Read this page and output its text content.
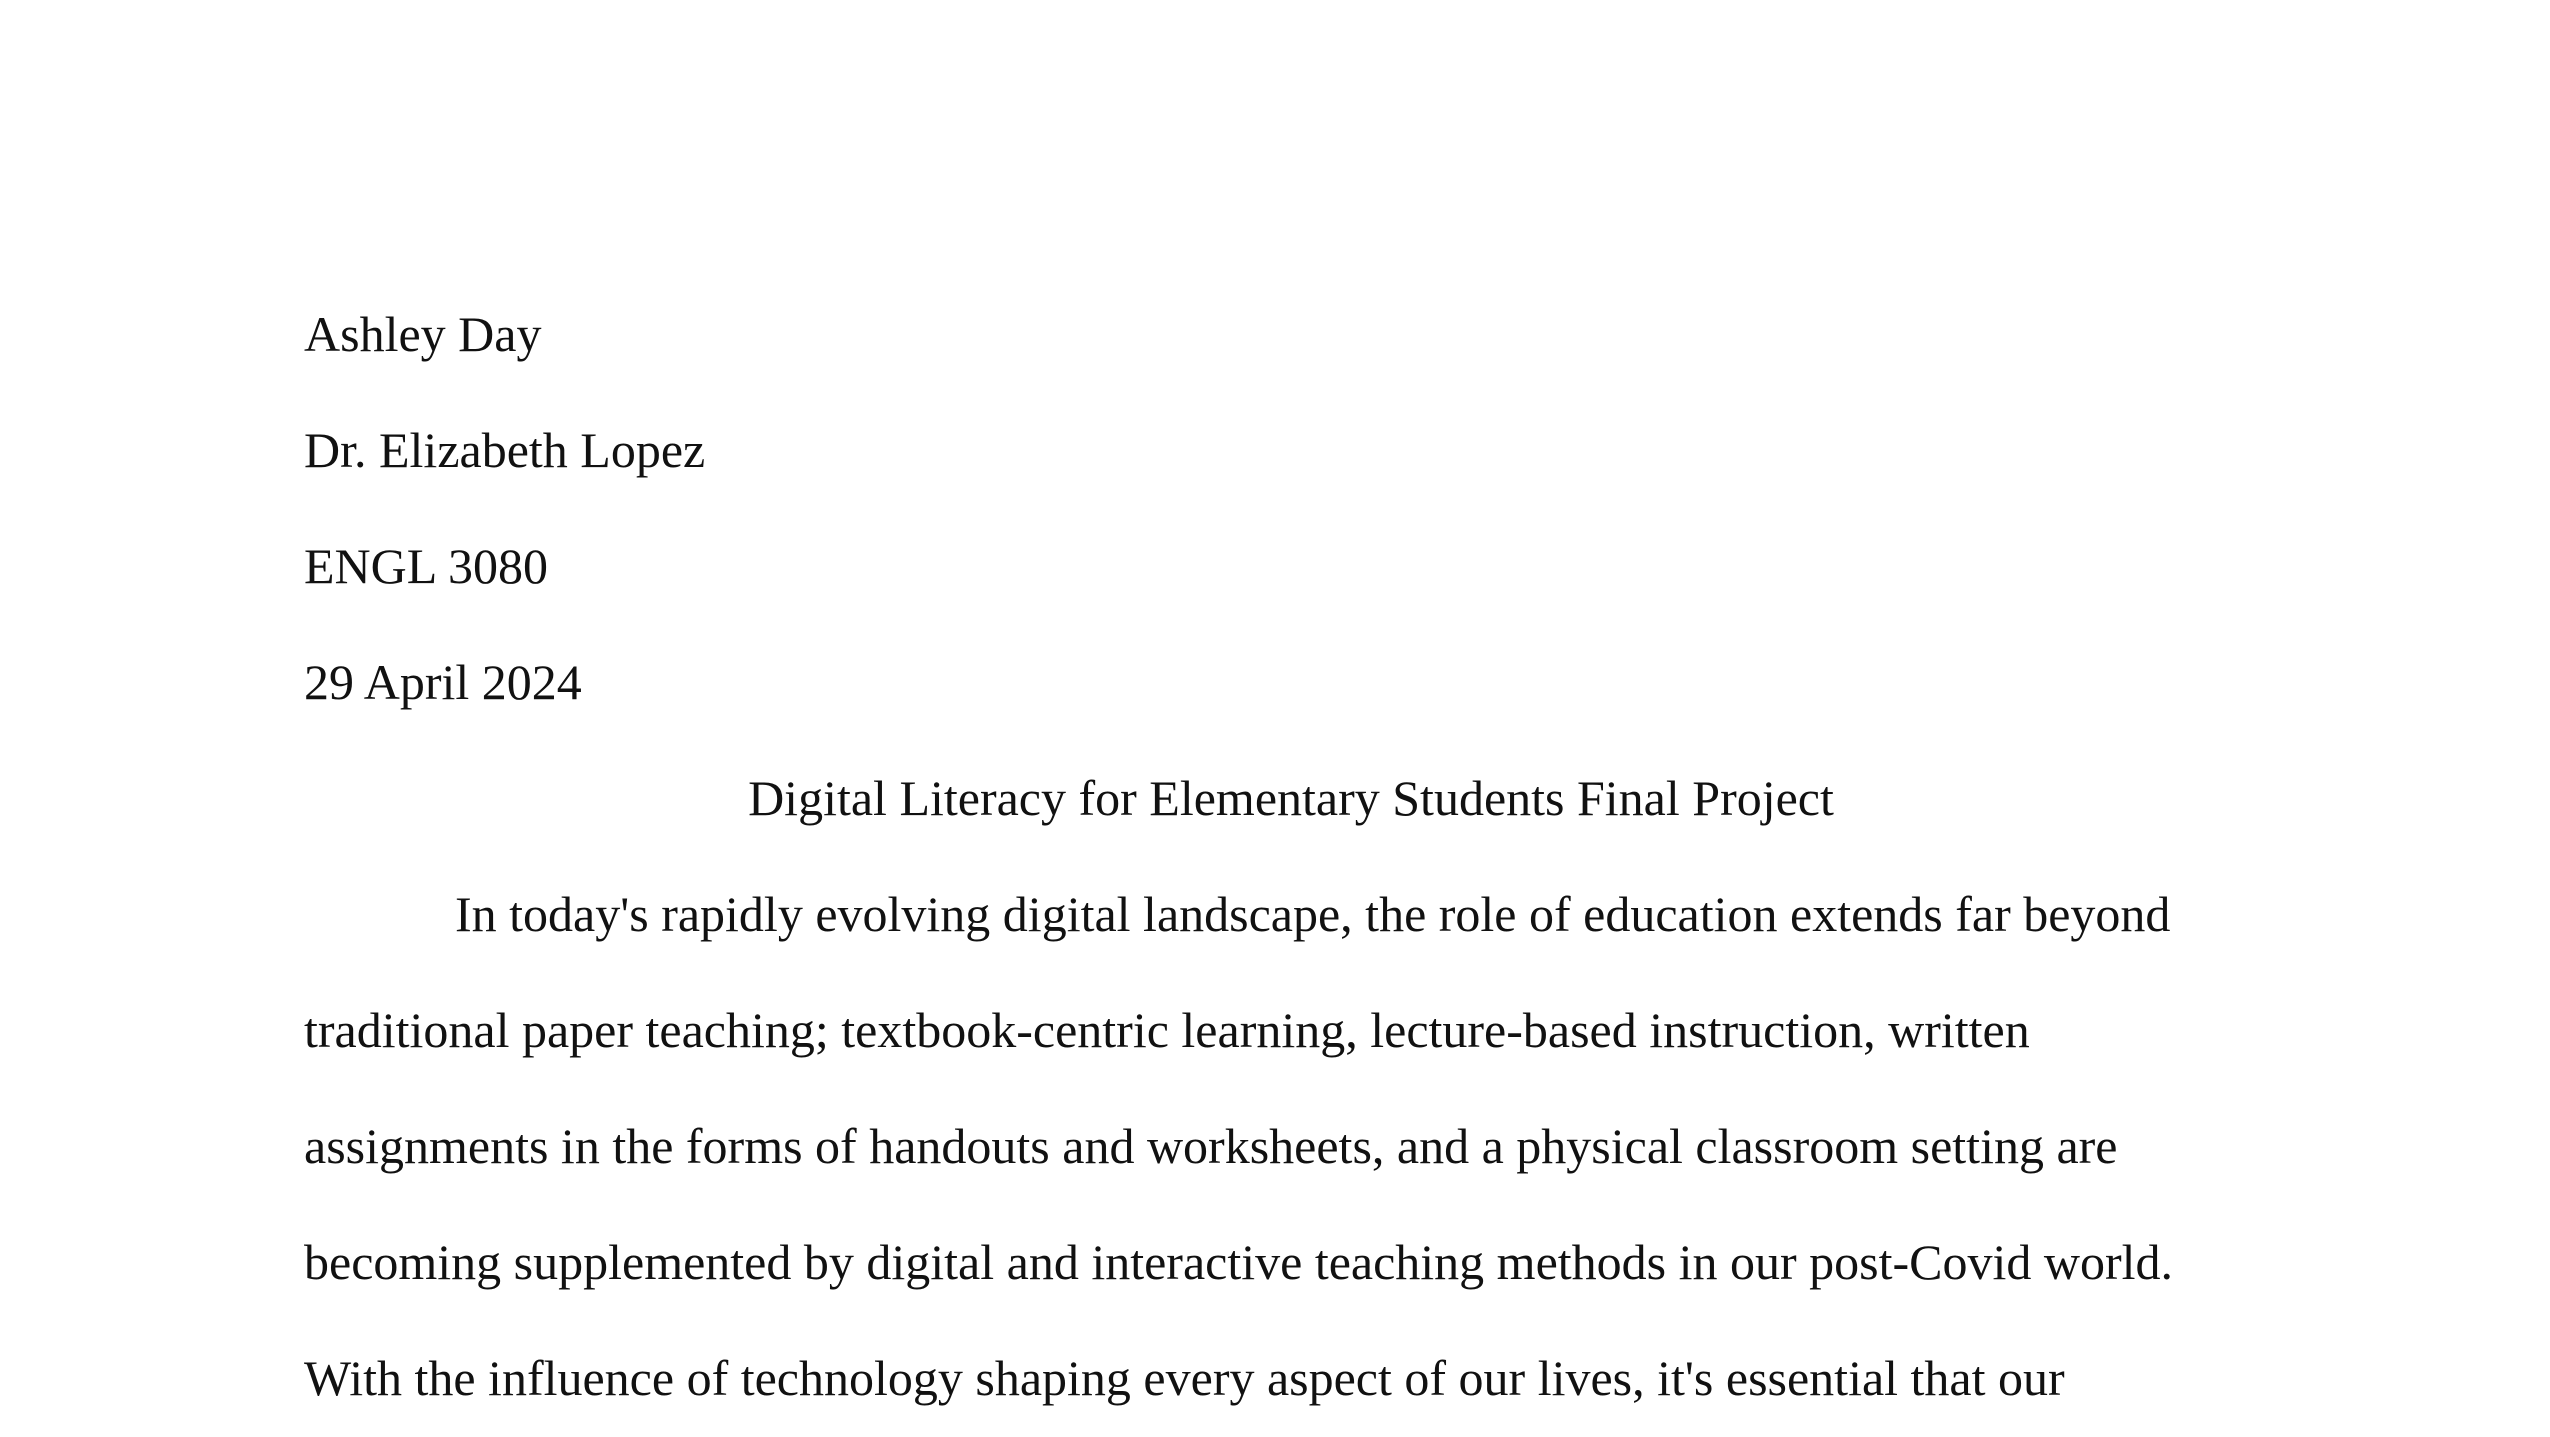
Ashley Day
Dr. Elizabeth Lopez
ENGL 3080
29 April 2024
Digital Literacy for Elementary Students Final Project
In today's rapidly evolving digital landscape, the role of education extends far beyond
traditional paper teaching; textbook-centric learning, lecture-based instruction, written
assignments in the forms of handouts and worksheets, and a physical classroom setting are
becoming supplemented by digital and interactive teaching methods in our post-Covid world.
With the influence of technology shaping every aspect of our lives, it's essential that our
